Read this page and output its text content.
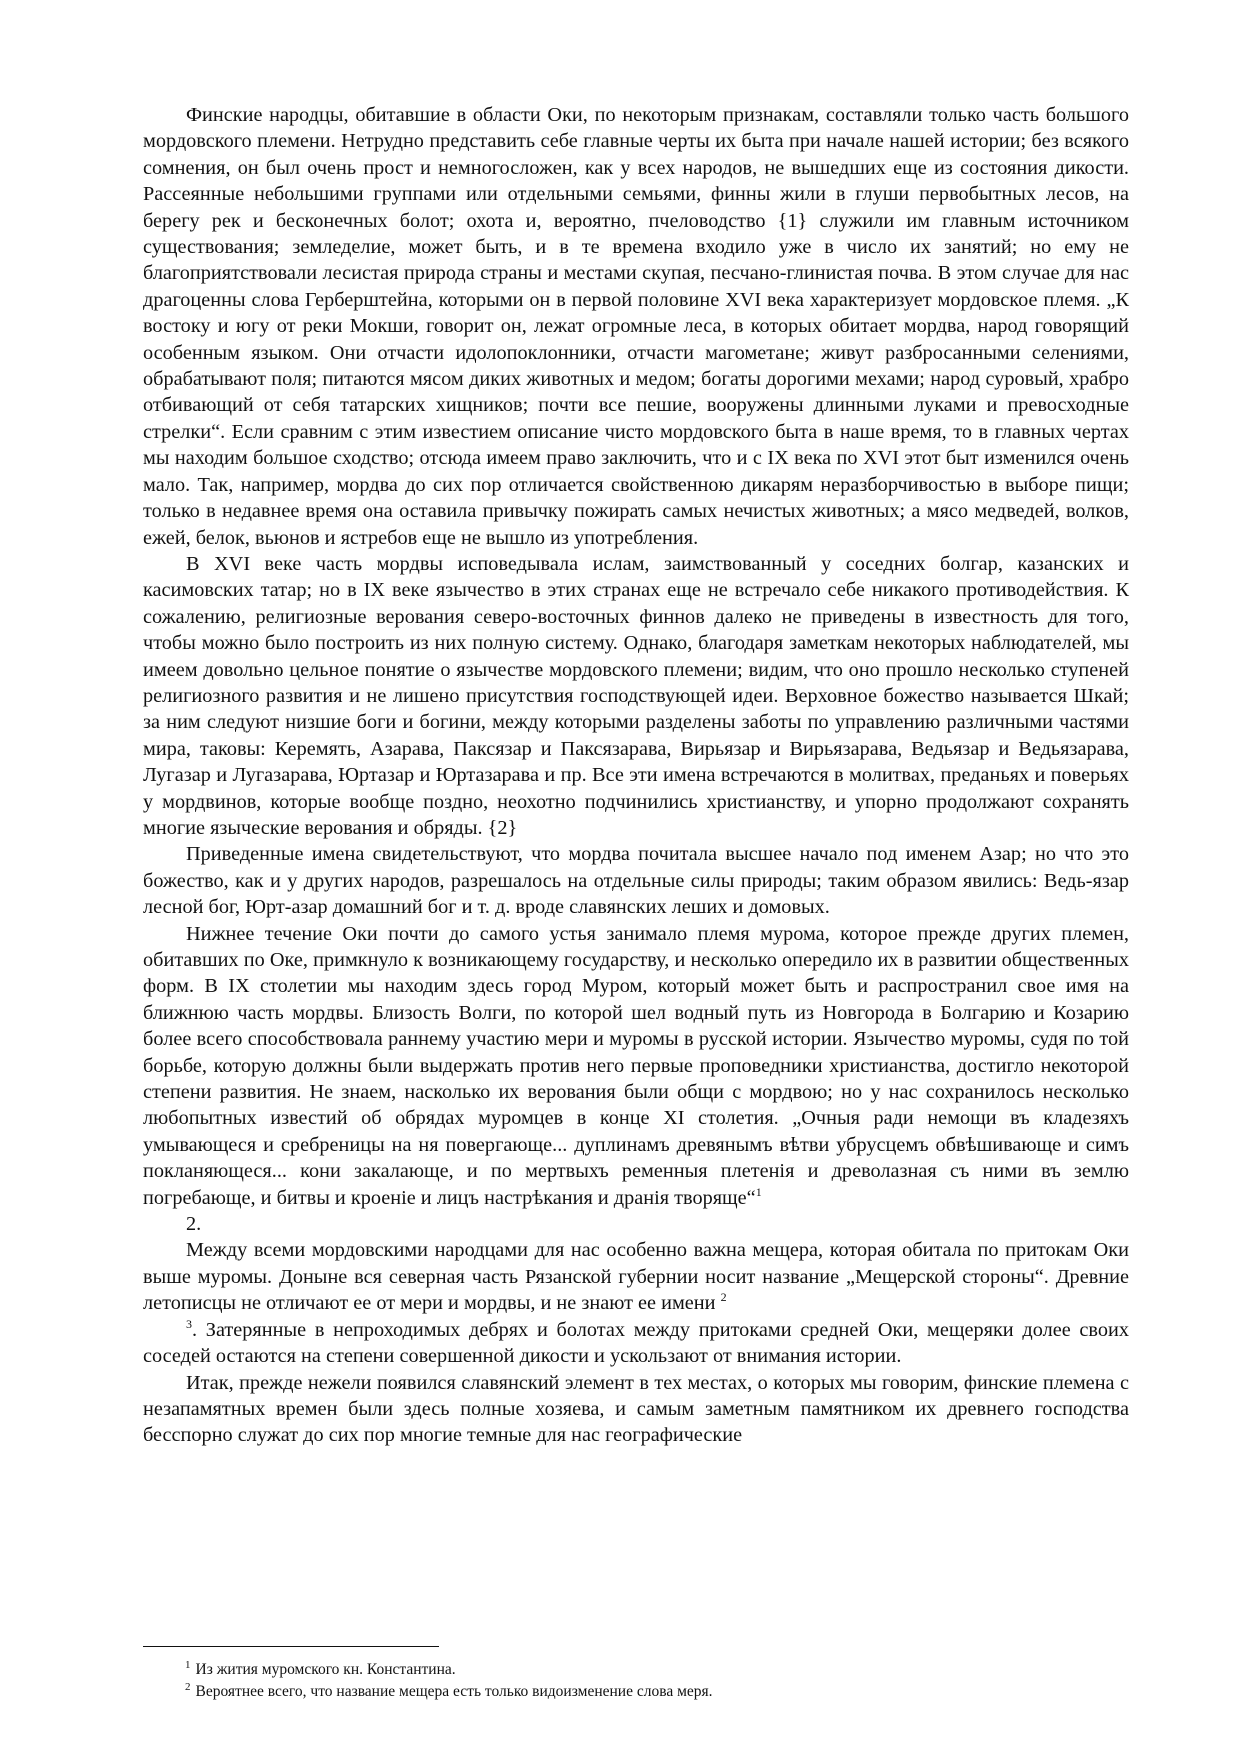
Финские народцы, обитавшие в области Оки, по некоторым признакам, составляли только часть большого мордовского племени. Нетрудно представить себе главные черты их быта при начале нашей истории; без всякого сомнения, он был очень прост и немногосложен, как у всех народов, не вышедших еще из состояния дикости. Рассеянные небольшими группами или отдельными семьями, финны жили в глуши первобытных лесов, на берегу рек и бесконечных болот; охота и, вероятно, пчеловодство {1} служили им главным источником существования; земледелие, может быть, и в те времена входило уже в число их занятий; но ему не благоприятствовали лесистая природа страны и местами скупая, песчано-глинистая почва. В этом случае для нас драгоценны слова Герберштейна, которыми он в первой половине XVI века характеризует мордовское племя. „К востоку и югу от реки Мокши, говорит он, лежат огромные леса, в которых обитает мордва, народ говорящий особенным языком. Они отчасти идолопоклонники, отчасти магометане; живут разбросанными селениями, обрабатывают поля; питаются мясом диких животных и медом; богаты дорогими мехами; народ суровый, храбро отбивающий от себя татарских хищников; почти все пешие, вооружены длинными луками и превосходные стрелки“. Если сравним с этим известием описание чисто мордовского быта в наше время, то в главных чертах мы находим большое сходство; отсюда имеем право заключить, что и с IX века по XVI этот быт изменился очень мало. Так, например, мордва до сих пор отличается свойственною дикарям неразборчивостью в выборе пищи; только в недавнее время она оставила привычку пожирать самых нечистых животных; а мясо медведей, волков, ежей, белок, вьюнов и ястребов еще не вышло из употребления.

В XVI веке часть мордвы исповедывала ислам, заимствованный у соседних болгар, казанских и касимовских татар; но в IX веке язычество в этих странах еще не встречало себе никакого противодействия. К сожалению, религиозные верования северо-восточных финнов далеко не приведены в известность для того, чтобы можно было построить из них полную систему. Однако, благодаря заметкам некоторых наблюдателей, мы имеем довольно цельное понятие о язычестве мордовского племени; видим, что оно прошло несколько ступеней религиозного развития и не лишено присутствия господствующей идеи. Верховное божество называется Шкай; за ним следуют низшие боги и богини, между которыми разделены заботы по управлению различными частями мира, таковы: Керемять, Азарава, Паксязар и Паксязарава, Вирьязар и Вирьязарава, Ведьязар и Ведьязарава, Лугазар и Лугазарава, Юртазар и Юртазарава и пр. Все эти имена встречаются в молитвах, преданьях и поверьях у мордвинов, которые вообще поздно, неохотно подчинились христианству, и упорно продолжают сохранять многие языческие верования и обряды. {2}

Приведенные имена свидетельствуют, что мордва почитала высшее начало под именем Азар; но что это божество, как и у других народов, разрешалось на отдельные силы природы; таким образом явились: Ведь-язар лесной бог, Юрт-азар домашний бог и т. д. вроде славянских леших и домовых.

Нижнее течение Оки почти до самого устья занимало племя мурома, которое прежде других племен, обитавших по Оке, примкнуло к возникающему государству, и несколько опередило их в развитии общественных форм. В IX столетии мы находим здесь город Муром, который может быть и распространил свое имя на ближнюю часть мордвы. Близость Волги, по которой шел водный путь из Новгорода в Болгарию и Козарию более всего способствовала раннему участию мери и муромы в русской истории. Язычество муромы, судя по той борьбе, которую должны были выдержать против него первые проповедники христианства, достигло некоторой степени развития. Не знаем, насколько их верования были общи с мордвою; но у нас сохранилось несколько любопытных известий об обрядах муромцев в конце XI столетия. „Очныя ради немощи въ кладезяхъ умывающеся и сребреницы на ня повергающе... дуплинамъ древянымъ вѣтви убрусцемъ обвѣшивающе и симъ покланяющеся... кони закалающе, и по мертвыхъ ременныя плетенія и древолазная съ ними въ землю погребающе, и битвы и кроеніе и лицъ настрѣкания и дранія творяще“$^1$

2.

Между всеми мордовскими народцами для нас особенно важна мещера, которая обитала по притокам Оки выше муромы. Доныне вся северная часть Рязанской губернии носит название „Мещерской стороны“. Древние летописцы не отличают ее от мери и мордвы, и не знают ее имени $^2$

$^3$. Затерянные в непроходимых дебрях и болотах между притоками средней Оки, мещеряки долее своих соседей остаются на степени совершенной дикости и ускользают от внимания истории.

Итак, прежде нежели появился славянский элемент в тех местах, о которых мы говорим, финские племена с незапамятных времен были здесь полные хозяева, и самым заметным памятником их древнего господства бесспорно служат до сих пор многие темные для нас географические

$^1$ Из жития муромского кн. Константина.

$^2$ Вероятнее всего, что название мещера есть только видоизменение слова меря.
